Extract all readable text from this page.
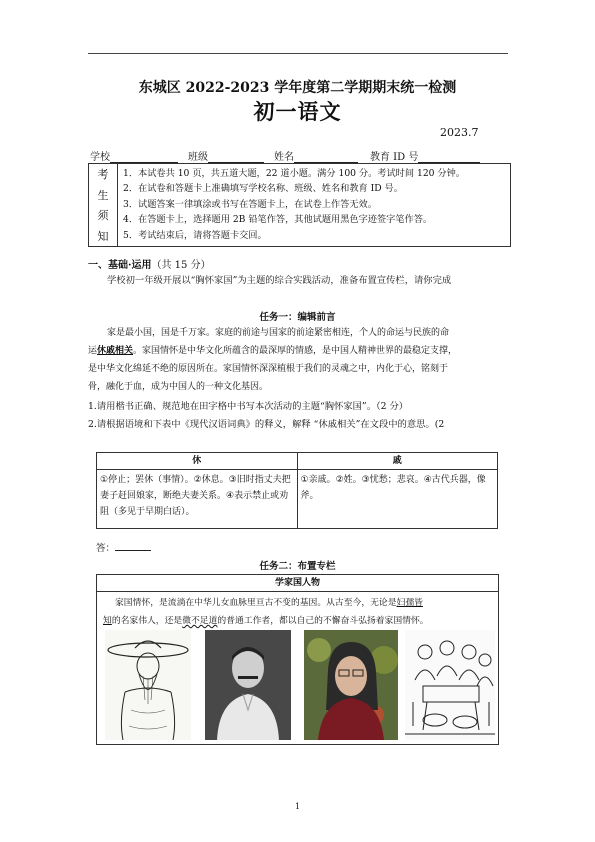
东城区 2022-2023 学年度第二学期期末统一检测
初一语文
2023.7
学校	班级	姓名	教育 ID 号
考
生
须
知
1．本试卷共 10 页，共五道大题，22 道小题。满分 100 分。考试时间 120 分钟。
2．在试卷和答题卡上准确填写学校名称、班级、姓名和教育 ID 号。
3．试题答案一律填涂或书写在答题卡上，在试卷上作答无效。
4．在答题卡上，选择题用 2B 铅笔作答，其他试题用黑色字迹签字笔作答。
5．考试结束后，请将答题卡交回。
一、基础·运用（共 15 分）
学校初一年级开展以“胸怀家国”为主题的综合实践活动，准备布置宣传栏，请你完成
任务一：编辑前言
家是最小国，国是千万家。家庭的前途与国家的前途紧密相连，个人的命运与民族的命
运休戚相关。家国情怀是中华文化所蕴含的最深厚的情感，是中国人精神世界的最稳定支撑，
是中华文化绵延不绝的原因所在。家国情怀深深植根于我们的灵魂之中，内化于心，铭刻于
骨，融化于血，成为中国人的一种文化基因。
1.请用楷书正确、规范地在田字格中书写本次活动的主题“胸怀家国”。（2 分）
2.请根据语境和下表中《现代汉语词典》的释义，解释 “休戚相关”在文段中的意思。(2
休	戚
①停止；罢休（事情）。②休息。③旧时指丈夫把妻子赶回娘家，断绝夫妻关系。④表示禁止或劝阻（多见于早期白话）。	①亲戚。②姓。③忧愁；悲哀。④古代兵器，像斧。
答：
任务二：布置专栏
学家国人物
家国情怀，是流淌在中华儿女血脉里亘古不变的基因。从古至今，无论是妇孺皆
知的名家伟人，还是微不足道的普通工作者，都以自己的不懈奋斗弘扬着家国情怀。
1
